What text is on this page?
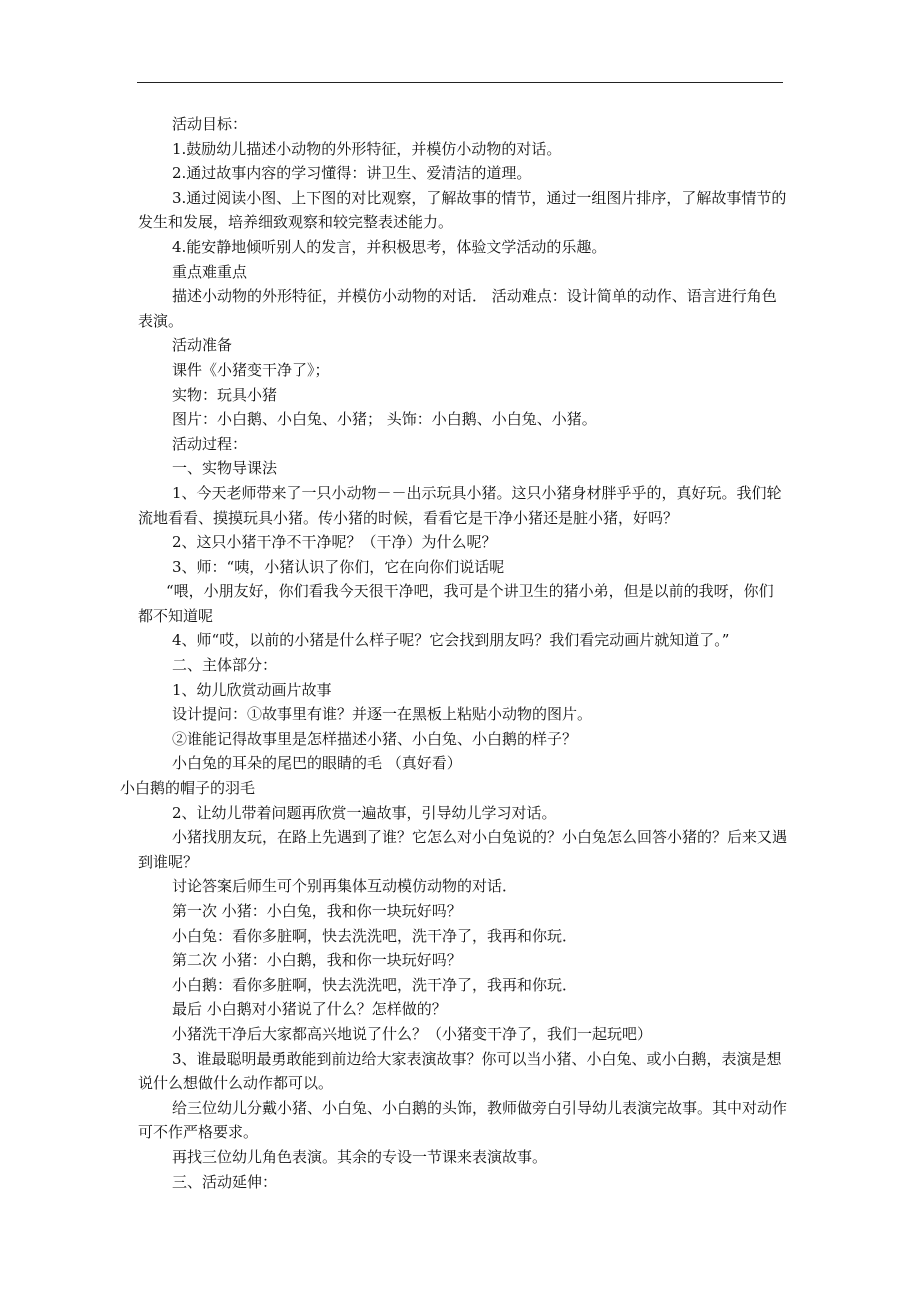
活动目标：

1.鼓励幼儿描述小动物的外形特征，并模仿小动物的对话。

2.通过故事内容的学习懂得：讲卫生、爱清洁的道理。

3.通过阅读小图、上下图的对比观察，了解故事的情节，通过一组图片排序，了解故事情节的发生和发展，培养细致观察和较完整表述能力。

4.能安静地倾听别人的发言，并积极思考，体验文学活动的乐趣。

重点难重点

描述小动物的外形特征，并模仿小动物的对话． 活动难点：设计简单的动作、语言进行角色表演。

活动准备

课件《小猪变干净了》；

实物：玩具小猪

图片：小白鹅、小白兔、小猪； 头饰：小白鹅、小白兔、小猪。

活动过程：

一、实物导课法

1、今天老师带来了一只小动物－－出示玩具小猪。这只小猪身材胖乎乎的，真好玩。我们轮流地看看、摸摸玩具小猪。传小猪的时候，看看它是干净小猪还是脏小猪，好吗？

2、这只小猪干净不干净呢？（干净）为什么呢？

3、师：“咦，小猪认识了你们，它在向你们说话呢

“喂，小朋友好，你们看我今天很干净吧，我可是个讲卫生的猪小弟，但是以前的我呀，你们都不知道呢

4、师“哎，以前的小猪是什么样子呢？它会找到朋友吗？我们看完动画片就知道了。”

二、主体部分：

1、幼儿欣赏动画片故事

设计提问：①故事里有谁？并逐一在黑板上粘贴小动物的图片。

②谁能记得故事里是怎样描述小猪、小白兔、小白鹅的样子？

小白兔的耳朵的尾巴的眼睛的毛 （真好看）

小白鹅的帽子的羽毛

2、让幼儿带着问题再欣赏一遍故事，引导幼儿学习对话。

小猪找朋友玩，在路上先遇到了谁？它怎么对小白兔说的？小白兔怎么回答小猪的？后来又遇到谁呢？

讨论答案后师生可个别再集体互动模仿动物的对话．

第一次 小猪：小白兔，我和你一块玩好吗？

小白兔：看你多脏啊，快去洗洗吧，洗干净了，我再和你玩．

第二次 小猪：小白鹅，我和你一块玩好吗？

小白鹅：看你多脏啊，快去洗洗吧，洗干净了，我再和你玩．

最后 小白鹅对小猪说了什么？怎样做的？

小猪洗干净后大家都高兴地说了什么？（小猪变干净了，我们一起玩吧）

3、谁最聪明最勇敢能到前边给大家表演故事？你可以当小猪、小白兔、或小白鹅，表演是想说什么想做什么动作都可以。

给三位幼儿分戴小猪、小白兔、小白鹅的头饰，教师做旁白引导幼儿表演完故事。其中对动作可不作严格要求。

再找三位幼儿角色表演。其余的专设一节课来表演故事。

三、活动延伸：
